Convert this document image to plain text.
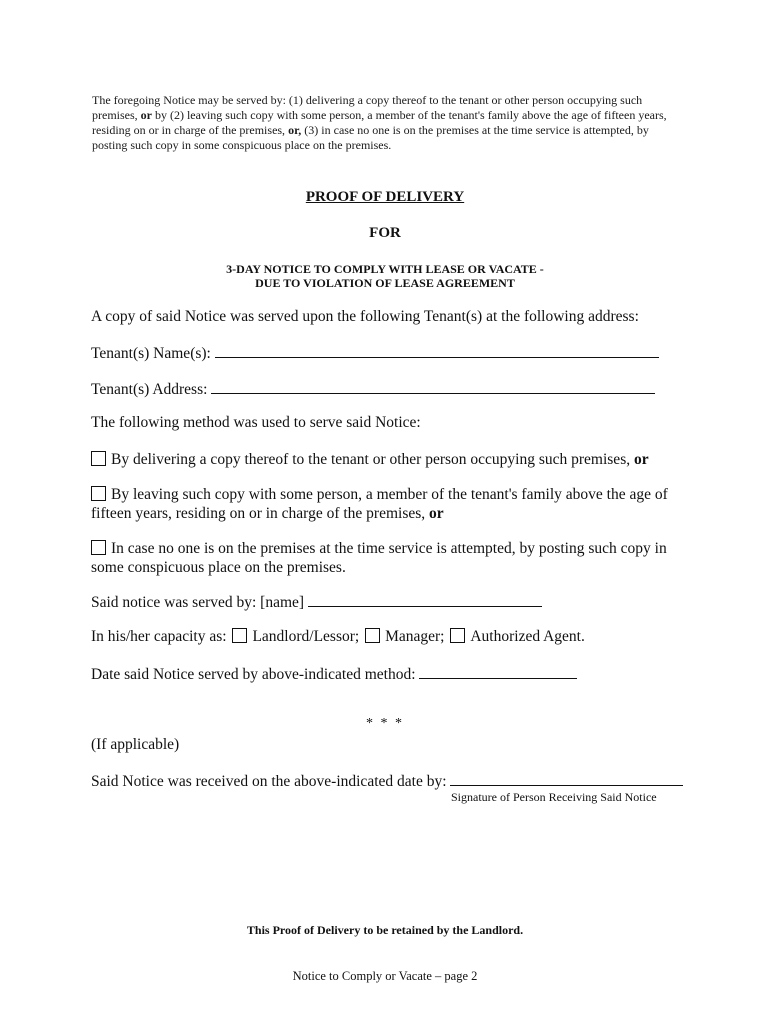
The foregoing Notice may be served by: (1) delivering a copy thereof to the tenant or other person occupying such premises, or by (2) leaving such copy with some person, a member of the tenant's family above the age of fifteen years, residing on or in charge of the premises, or, (3) in case no one is on the premises at the time service is attempted, by posting such copy in some conspicuous place on the premises.
PROOF OF DELIVERY
FOR
3-DAY NOTICE TO COMPLY WITH LEASE OR VACATE -
DUE TO VIOLATION OF LEASE AGREEMENT
A copy of said Notice was served upon the following Tenant(s) at the following address:
Tenant(s) Name(s):
Tenant(s) Address:
The following method was used to serve said Notice:
By delivering a copy thereof to the tenant or other person occupying such premises, or
By leaving such copy with some person, a member of the tenant's family above the age of fifteen years, residing on or in charge of the premises, or
In case no one is on the premises at the time service is attempted, by posting such copy in some conspicuous place on the premises.
Said notice was served by: [name]
In his/her capacity as: Landlord/Lessor; Manager; Authorized Agent.
Date said Notice served by above-indicated method:
* * *
(If applicable)
Said Notice was received on the above-indicated date by:
Signature of Person Receiving Said Notice
This Proof of Delivery to be retained by the Landlord.
Notice to Comply or Vacate – page 2
